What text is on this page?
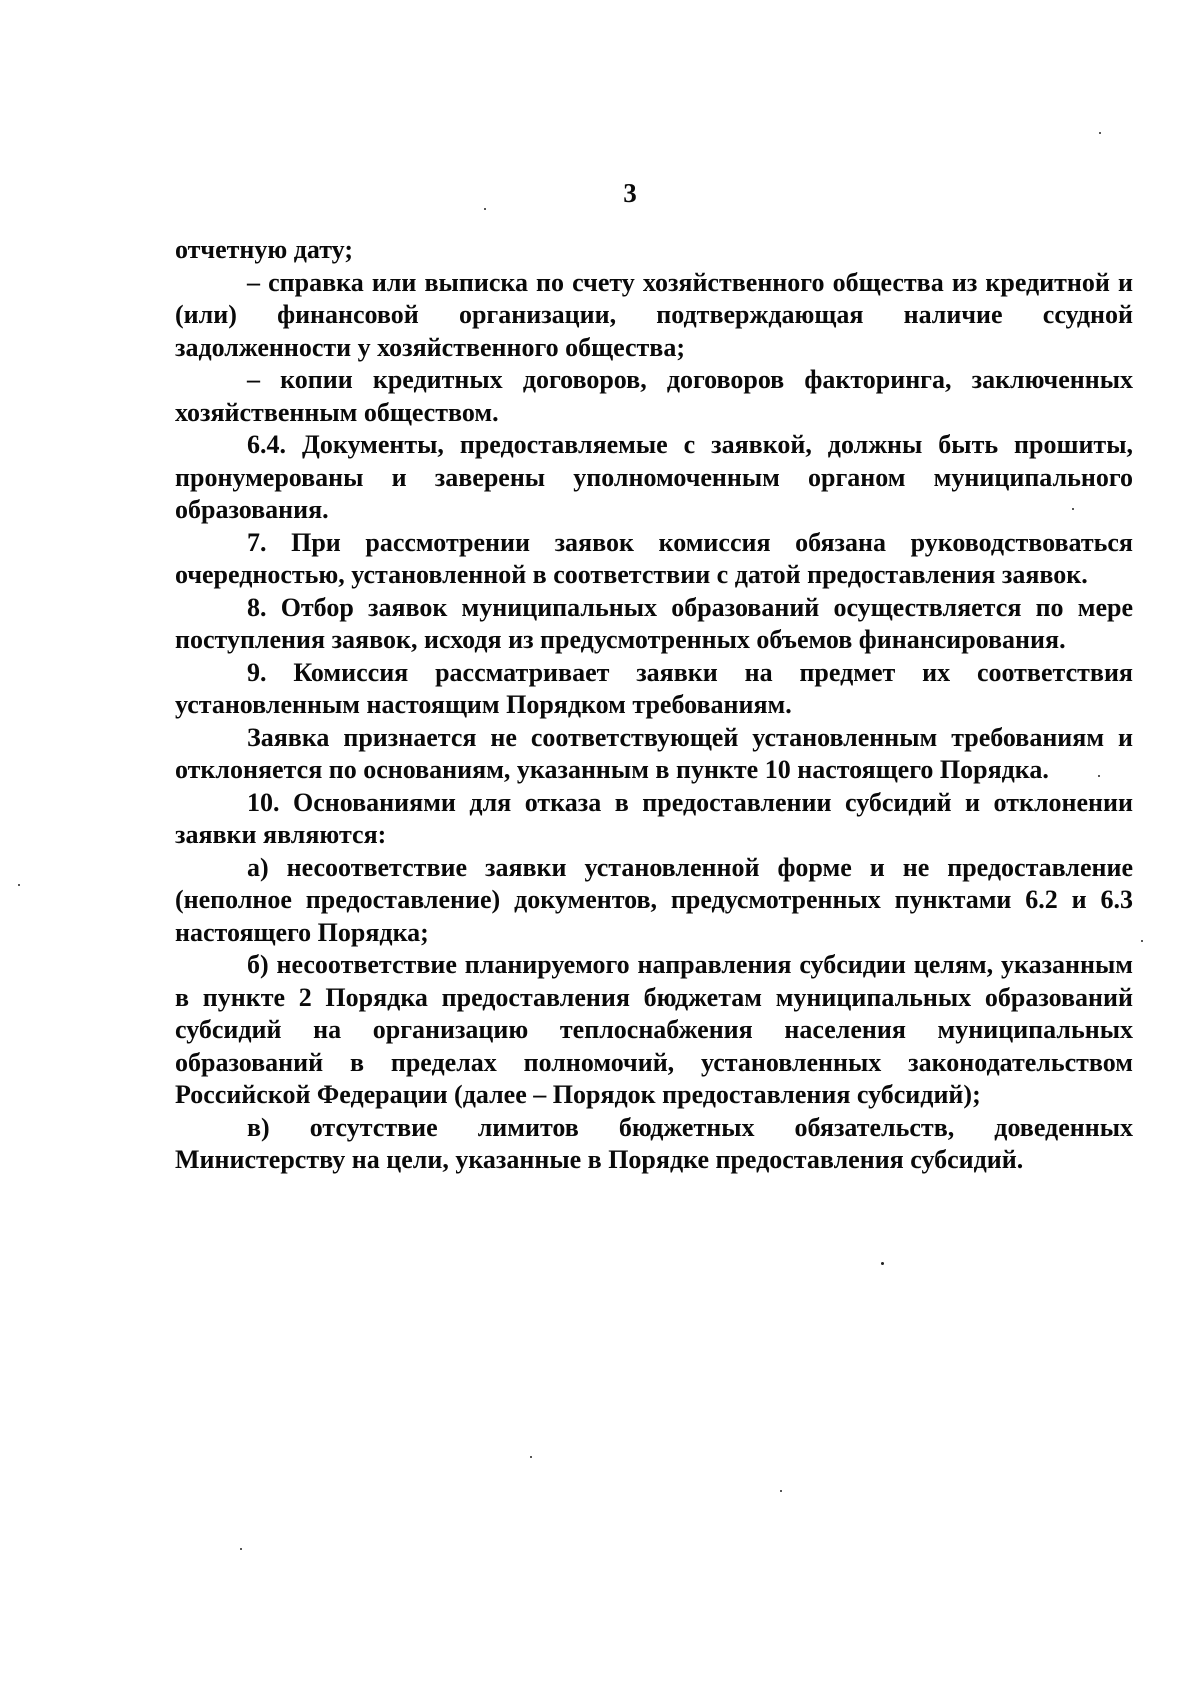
3

отчетную дату;

– справка или выписка по счету хозяйственного общества из кредитной и (или) финансовой организации, подтверждающая наличие ссудной задолженности у хозяйственного общества;

– копии кредитных договоров, договоров факторинга, заключенных хозяйственным обществом.

6.4. Документы, предоставляемые с заявкой, должны быть прошиты, пронумерованы и заверены уполномоченным органом муниципального образования.

7. При рассмотрении заявок комиссия обязана руководствоваться очередностью, установленной в соответствии с датой предоставления заявок.

8. Отбор заявок муниципальных образований осуществляется по мере поступления заявок, исходя из предусмотренных объемов финансирования.

9. Комиссия рассматривает заявки на предмет их соответствия установленным настоящим Порядком требованиям.

Заявка признается не соответствующей установленным требованиям и отклоняется по основаниям, указанным в пункте 10 настоящего Порядка.

10. Основаниями для отказа в предоставлении субсидий и отклонении заявки являются:

а) несоответствие заявки установленной форме и не предоставление (неполное предоставление) документов, предусмотренных пунктами 6.2 и 6.3 настоящего Порядка;

б) несоответствие планируемого направления субсидии целям, указанным в пункте 2 Порядка предоставления бюджетам муниципальных образований субсидий на организацию теплоснабжения населения муниципальных образований в пределах полномочий, установленных законодательством Российской Федерации (далее – Порядок предоставления субсидий);

в) отсутствие лимитов бюджетных обязательств, доведенных Министерству на цели, указанные в Порядке предоставления субсидий.
